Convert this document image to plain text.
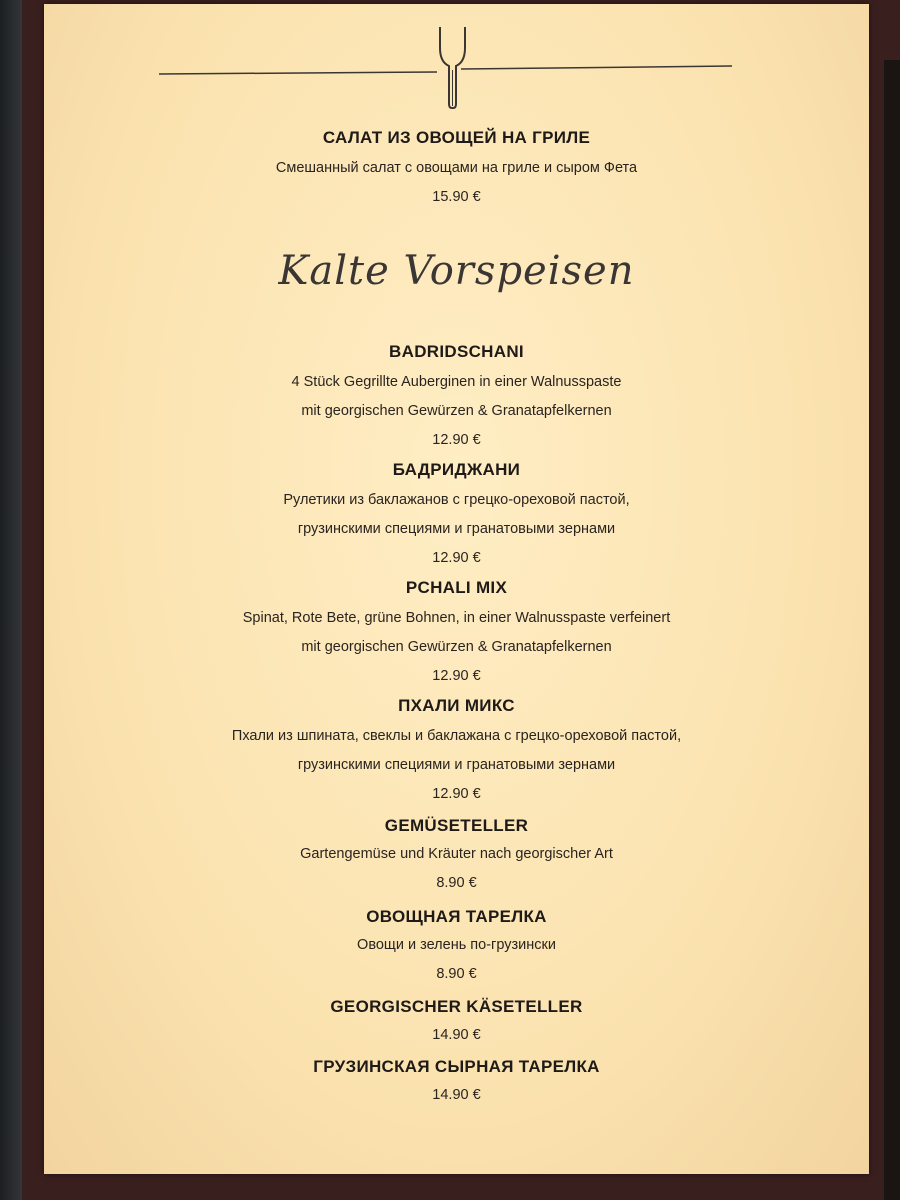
САЛАТ ИЗ ОВОЩЕЙ НА ГРИЛЕ
Смешанный салат с овощами на гриле и сыром Фета
15.90 €
Kalte Vorspeisen
BADRIDSCHANI
4 Stück Gegrillte Auberginen in einer Walnusspaste
mit georgischen Gewürzen & Granatapfelkernen
12.90 €
БАДРИДЖАНИ
Рулетики из баклажанов с грецко-ореховой пастой,
грузинскими специями и гранатовыми зернами
12.90 €
PCHALI MIX
Spinat, Rote Bete, grüne Bohnen, in einer Walnusspaste verfeinert
mit georgischen Gewürzen & Granatapfelkernen
12.90 €
ПХАЛИ МИКС
Пхали из шпината, свеклы и баклажана с грецко-ореховой пастой,
грузинскими специями и гранатовыми зернами
12.90 €
GEMÜSETELLER
Gartengemüse und Kräuter nach georgischer Art
8.90 €
ОВОЩНАЯ ТАРЕЛКА
Овощи и зелень по-грузински
8.90 €
GEORGISCHER KÄSETELLER
14.90 €
ГРУЗИНСКАЯ СЫРНАЯ ТАРЕЛКА
14.90 €
